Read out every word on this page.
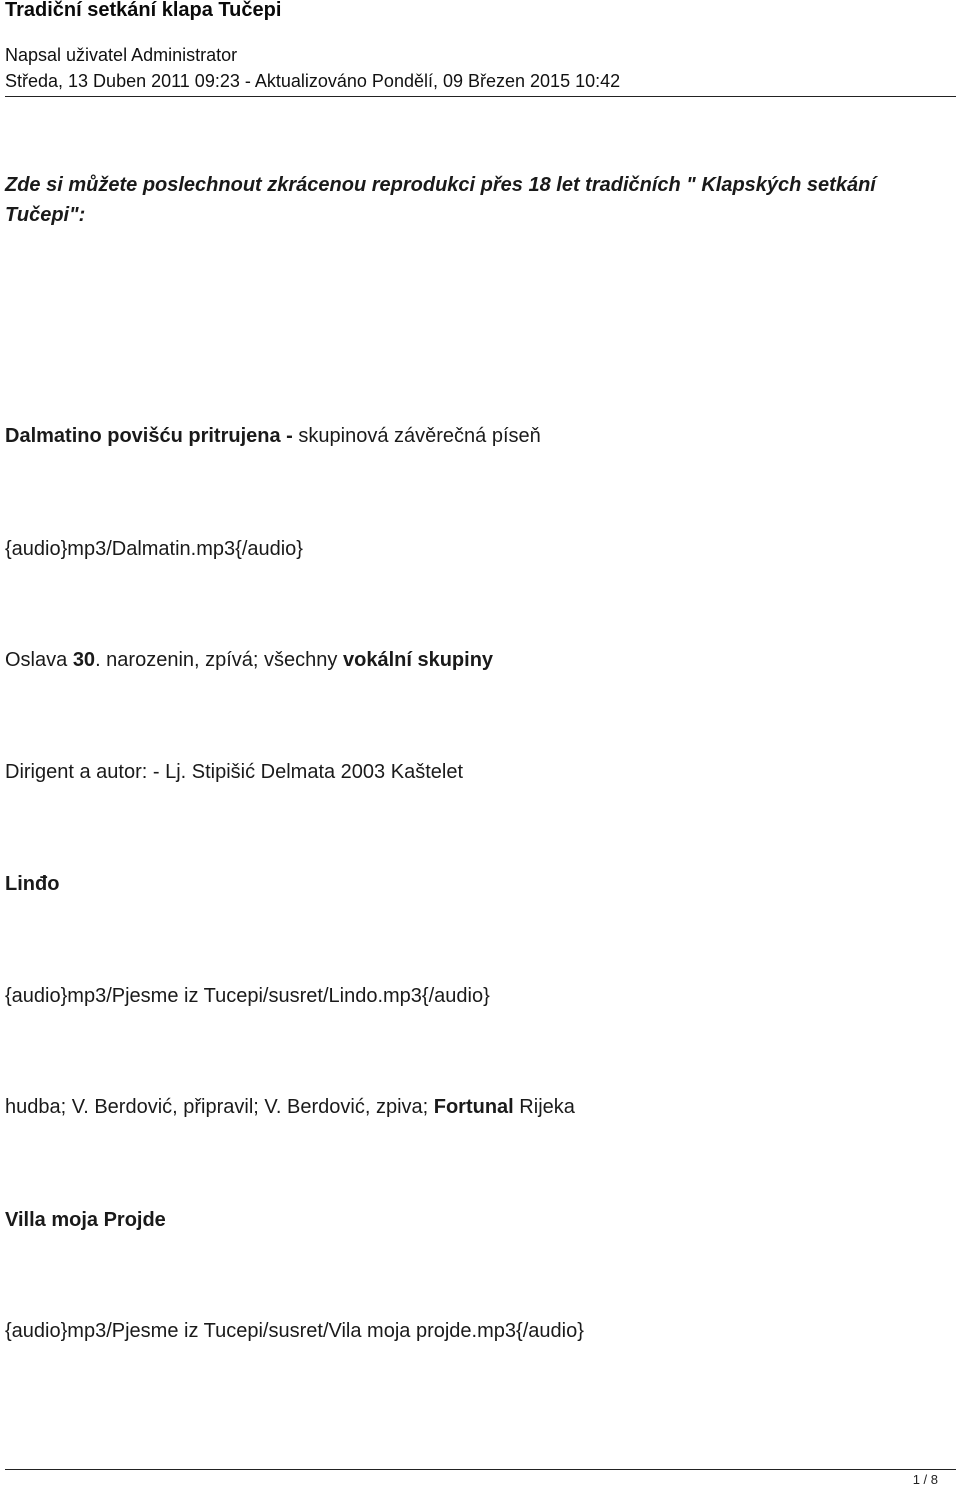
Tradiční setkání klapa Tučepi
Napsal uživatel Administrator
Středa, 13 Duben 2011 09:23 - Aktualizováno Pondělí, 09 Březen 2015 10:42
Zde si můžete poslechnout zkrácenou reprodukci přes 18 let tradičních " Klapských setkání Tučepi":
Dalmatino povišću pritrujena - skupinová závěrečná píseň
{audio}mp3/Dalmatin.mp3{/audio}
Oslava 30. narozenin, zpívá; všechny vokální skupiny
Dirigent a autor: - Lj. Stipišić Delmata 2003 Kaštelet
Linđo
{audio}mp3/Pjesme iz Tucepi/susret/Lindo.mp3{/audio}
hudba; V. Berdović, připravil; V. Berdović, zpiva; Fortunal Rijeka
Villa moja Projde
{audio}mp3/Pjesme iz Tucepi/susret/Vila moja projde.mp3{/audio}
1 / 8
